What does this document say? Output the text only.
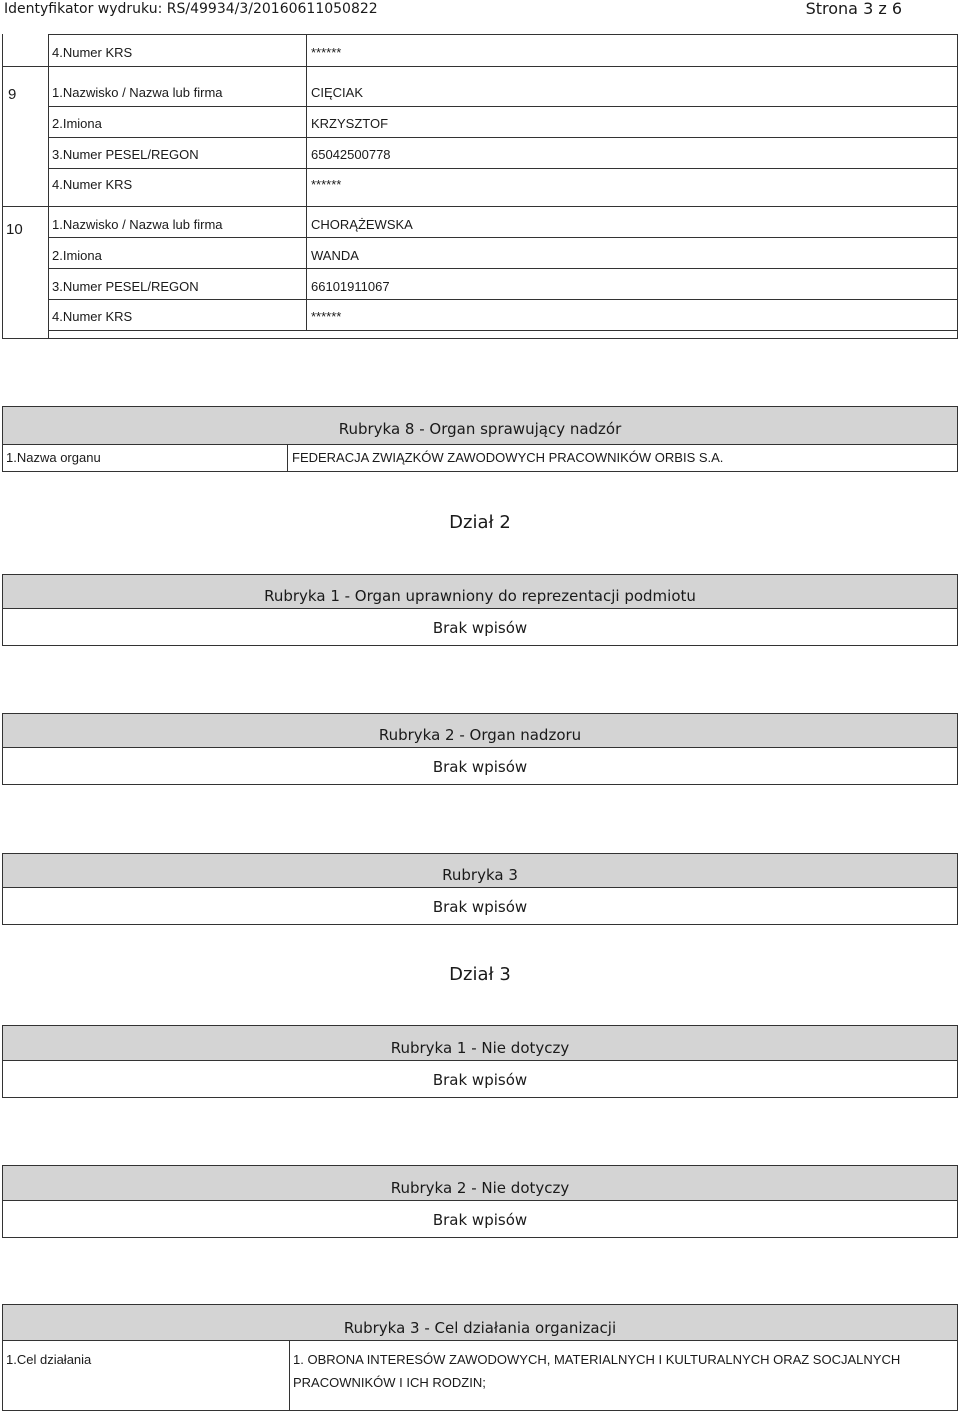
Identyfikator wydruku: RS/49934/3/20160611050822	Strona 3 z 6
4.Numer KRS	******
9	1.Nazwisko / Nazwa lub firma	CIĘCIAK
2.Imiona	KRZYSZTOF
3.Numer PESEL/REGON	65042500778
4.Numer KRS	******
10 1.Nazwisko / Nazwa lub firma	CHORĄŻEWSKA
2.Imiona	WANDA
3.Numer PESEL/REGON	66101911067
4.Numer KRS	******
Rubryka 8 - Organ sprawujący nadzór
1.Nazwa organu	FEDERACJA ZWIĄZKÓW ZAWODOWYCH PRACOWNIKÓW ORBIS S.A.
Dział 2
Rubryka 1 - Organ uprawniony do reprezentacji podmiotu
Brak wpisów
Rubryka 2 - Organ nadzoru
Brak wpisów
Rubryka 3
Brak wpisów
Dział 3
Rubryka 1 - Nie dotyczy
Brak wpisów
Rubryka 2 - Nie dotyczy
Brak wpisów
Rubryka 3 - Cel działania organizacji
1.Cel działania	1. OBRONA INTERESÓW ZAWODOWYCH, MATERIALNYCH I KULTURALNYCH ORAZ SOCJALNYCH
PRACOWNIKÓW I ICH RODZIN;
